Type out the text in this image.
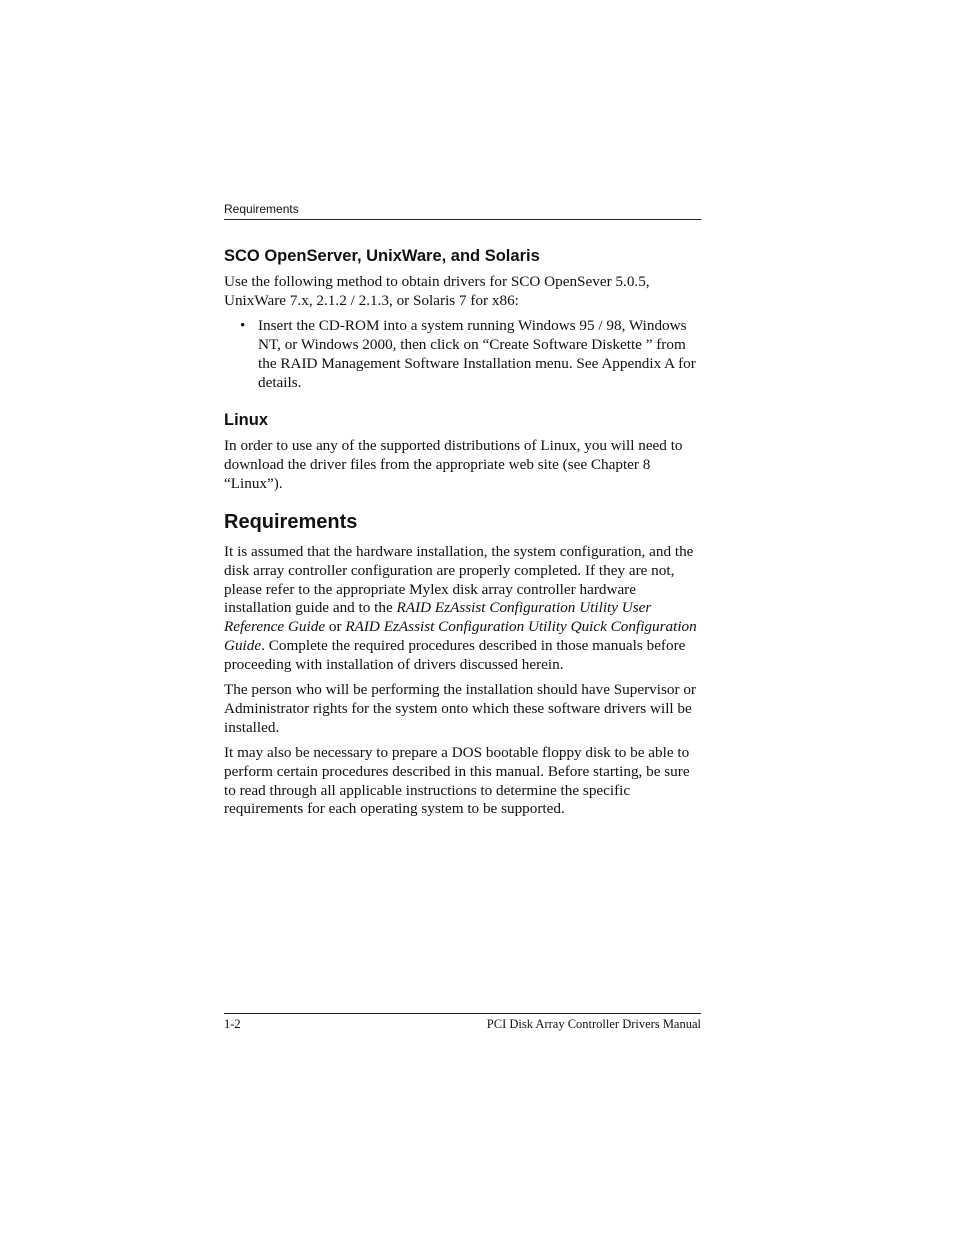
Requirements
SCO OpenServer, UnixWare, and Solaris

Use the following method to obtain drivers for SCO OpenSever 5.0.5, UnixWare 7.x, 2.1.2 / 2.1.3, or Solaris 7 for x86:

• Insert the CD-ROM into a system running Windows 95 / 98, Windows NT, or Windows 2000, then click on “Create Software Diskette ” from the RAID Management Software Installation menu. See Appendix A for details.
Linux

In order to use any of the supported distributions of Linux, you will need to download the driver files from the appropriate web site (see Chapter 8 “Linux”).

Requirements

It is assumed that the hardware installation, the system configuration, and the disk array controller configuration are properly completed. If they are not, please refer to the appropriate Mylex disk array controller hardware installation guide and to the RAID EzAssist Configuration Utility User Reference Guide or RAID EzAssist Configuration Utility Quick Configuration Guide. Complete the required procedures described in those manuals before proceeding with installation of drivers discussed herein.

The person who will be performing the installation should have Supervisor or Administrator rights for the system onto which these software drivers will be installed.

It may also be necessary to prepare a DOS bootable floppy disk to be able to perform certain procedures described in this manual. Before starting, be sure to read through all applicable instructions to determine the specific requirements for each operating system to be supported.

1-2	PCI Disk Array Controller Drivers Manual
